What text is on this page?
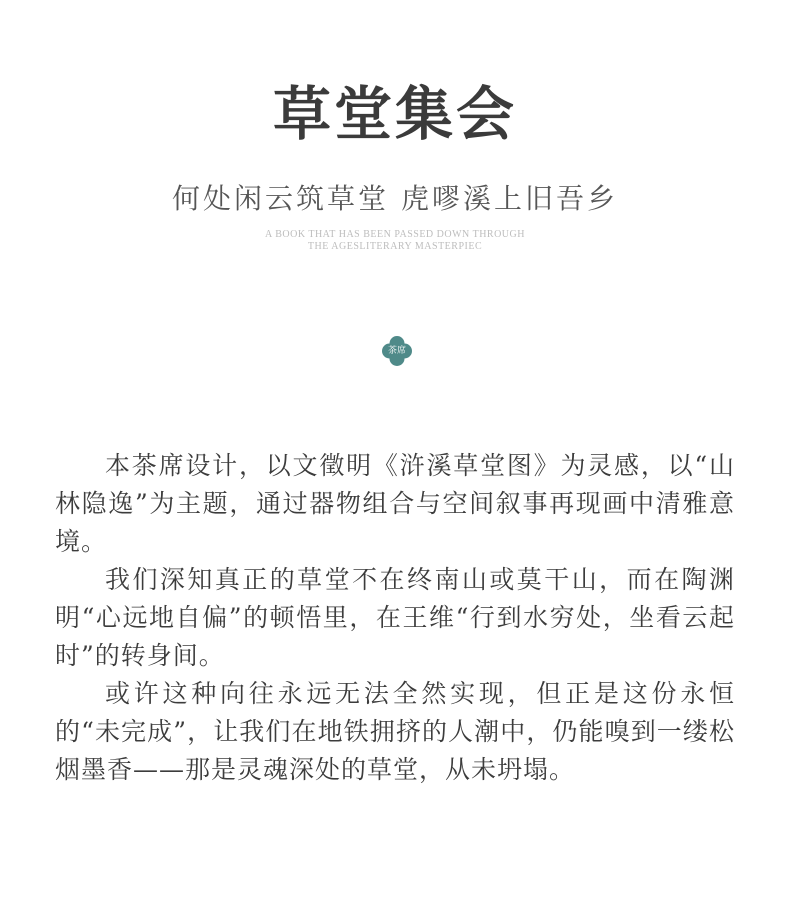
草堂集会
何处闲云筑草堂 虎嘐溪上旧吾乡
A BOOK THAT HAS BEEN PASSED DOWN THROUGH
THE AGESLITERARY MASTERPIEC
茶席

本茶席设计，以文徵明《浒溪草堂图》为灵感，以“山林隐逸”为主题，通过器物组合与空间叙事再现画中清雅意境。

我们深知真正的草堂不在终南山或莫干山，而在陶渊明“心远地自偏”的顿悟里，在王维“行到水穷处，坐看云起时”的转身间。

或许这种向往永远无法全然实现，但正是这份永恒的“未完成”，让我们在地铁拥挤的人潮中，仍能嗅到一缕松烟墨香——那是灵魂深处的草堂，从未坍塌。
